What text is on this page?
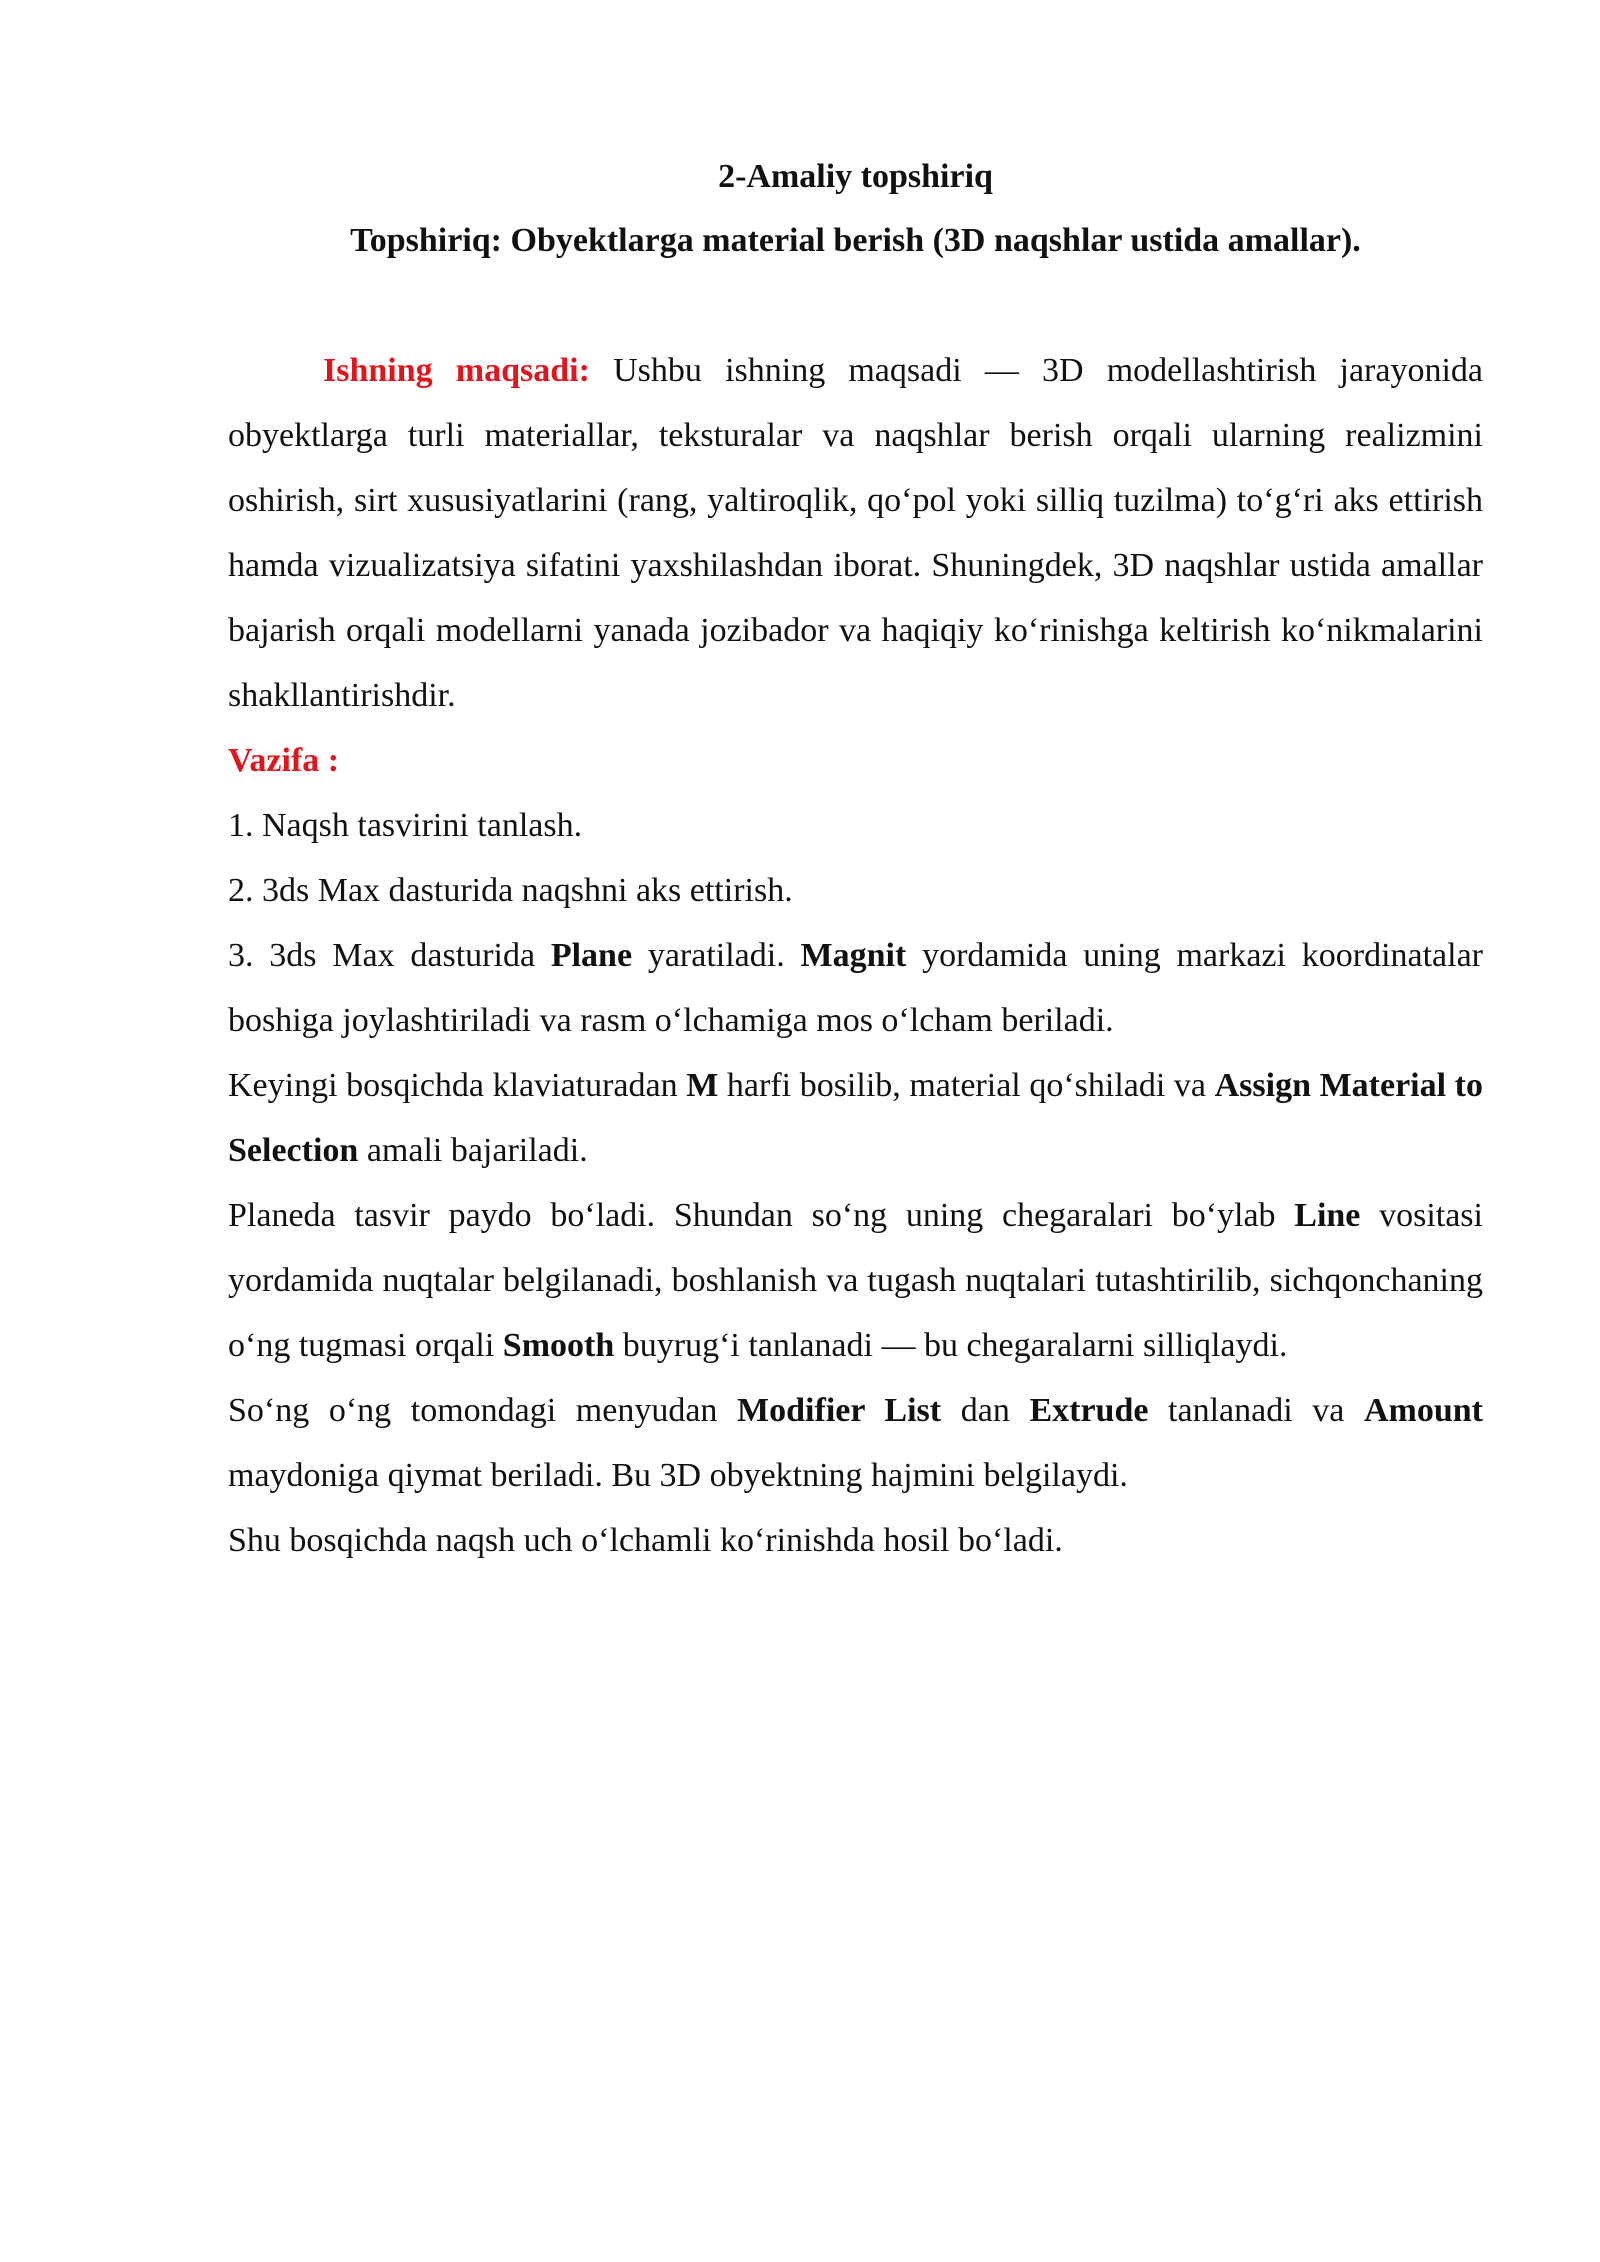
2-Amaliy topshiriq
Topshiriq: Obyektlarga material berish (3D naqshlar ustida amallar).

Ishning maqsadi: Ushbu ishning maqsadi — 3D modellashtirish jarayonida obyektlarga turli materiallar, teksturalar va naqshlar berish orqali ularning realizmini oshirish, sirt xususiyatlarini (rang, yaltiroqlik, qo‘pol yoki silliq tuzilma) to‘g‘ri aks ettirish hamda vizualizatsiya sifatini yaxshilashdan iborat. Shuningdek, 3D naqshlar ustida amallar bajarish orqali modellarni yanada jozibador va haqiqiy ko‘rinishga keltirish ko‘nikmalarini shakllantirishdir.

Vazifa :

1. Naqsh tasvirini tanlash.

2. 3ds Max dasturida naqshni aks ettirish.

3. 3ds Max dasturida Plane yaratiladi. Magnit yordamida uning markazi koordinatalar boshiga joylashtiriladi va rasm o‘lchamiga mos o‘lcham beriladi.

Keyingi bosqichda klaviaturadan M harfi bosilib, material qo‘shiladi va Assign Material to Selection amali bajariladi.

Planeda tasvir paydo bo‘ladi. Shundan so‘ng uning chegaralari bo‘ylab Line vositasi yordamida nuqtalar belgilanadi, boshlanish va tugash nuqtalari tutashtirilib, sichqonchaning o‘ng tugmasi orqali Smooth buyrug‘i tanlanadi — bu chegaralarni silliqlaydi.

So‘ng o‘ng tomondagi menyudan Modifier List dan Extrude tanlanadi va Amount maydoniga qiymat beriladi. Bu 3D obyektning hajmini belgilaydi.

Shu bosqichda naqsh uch o‘lchamli ko‘rinishda hosil bo‘ladi.
